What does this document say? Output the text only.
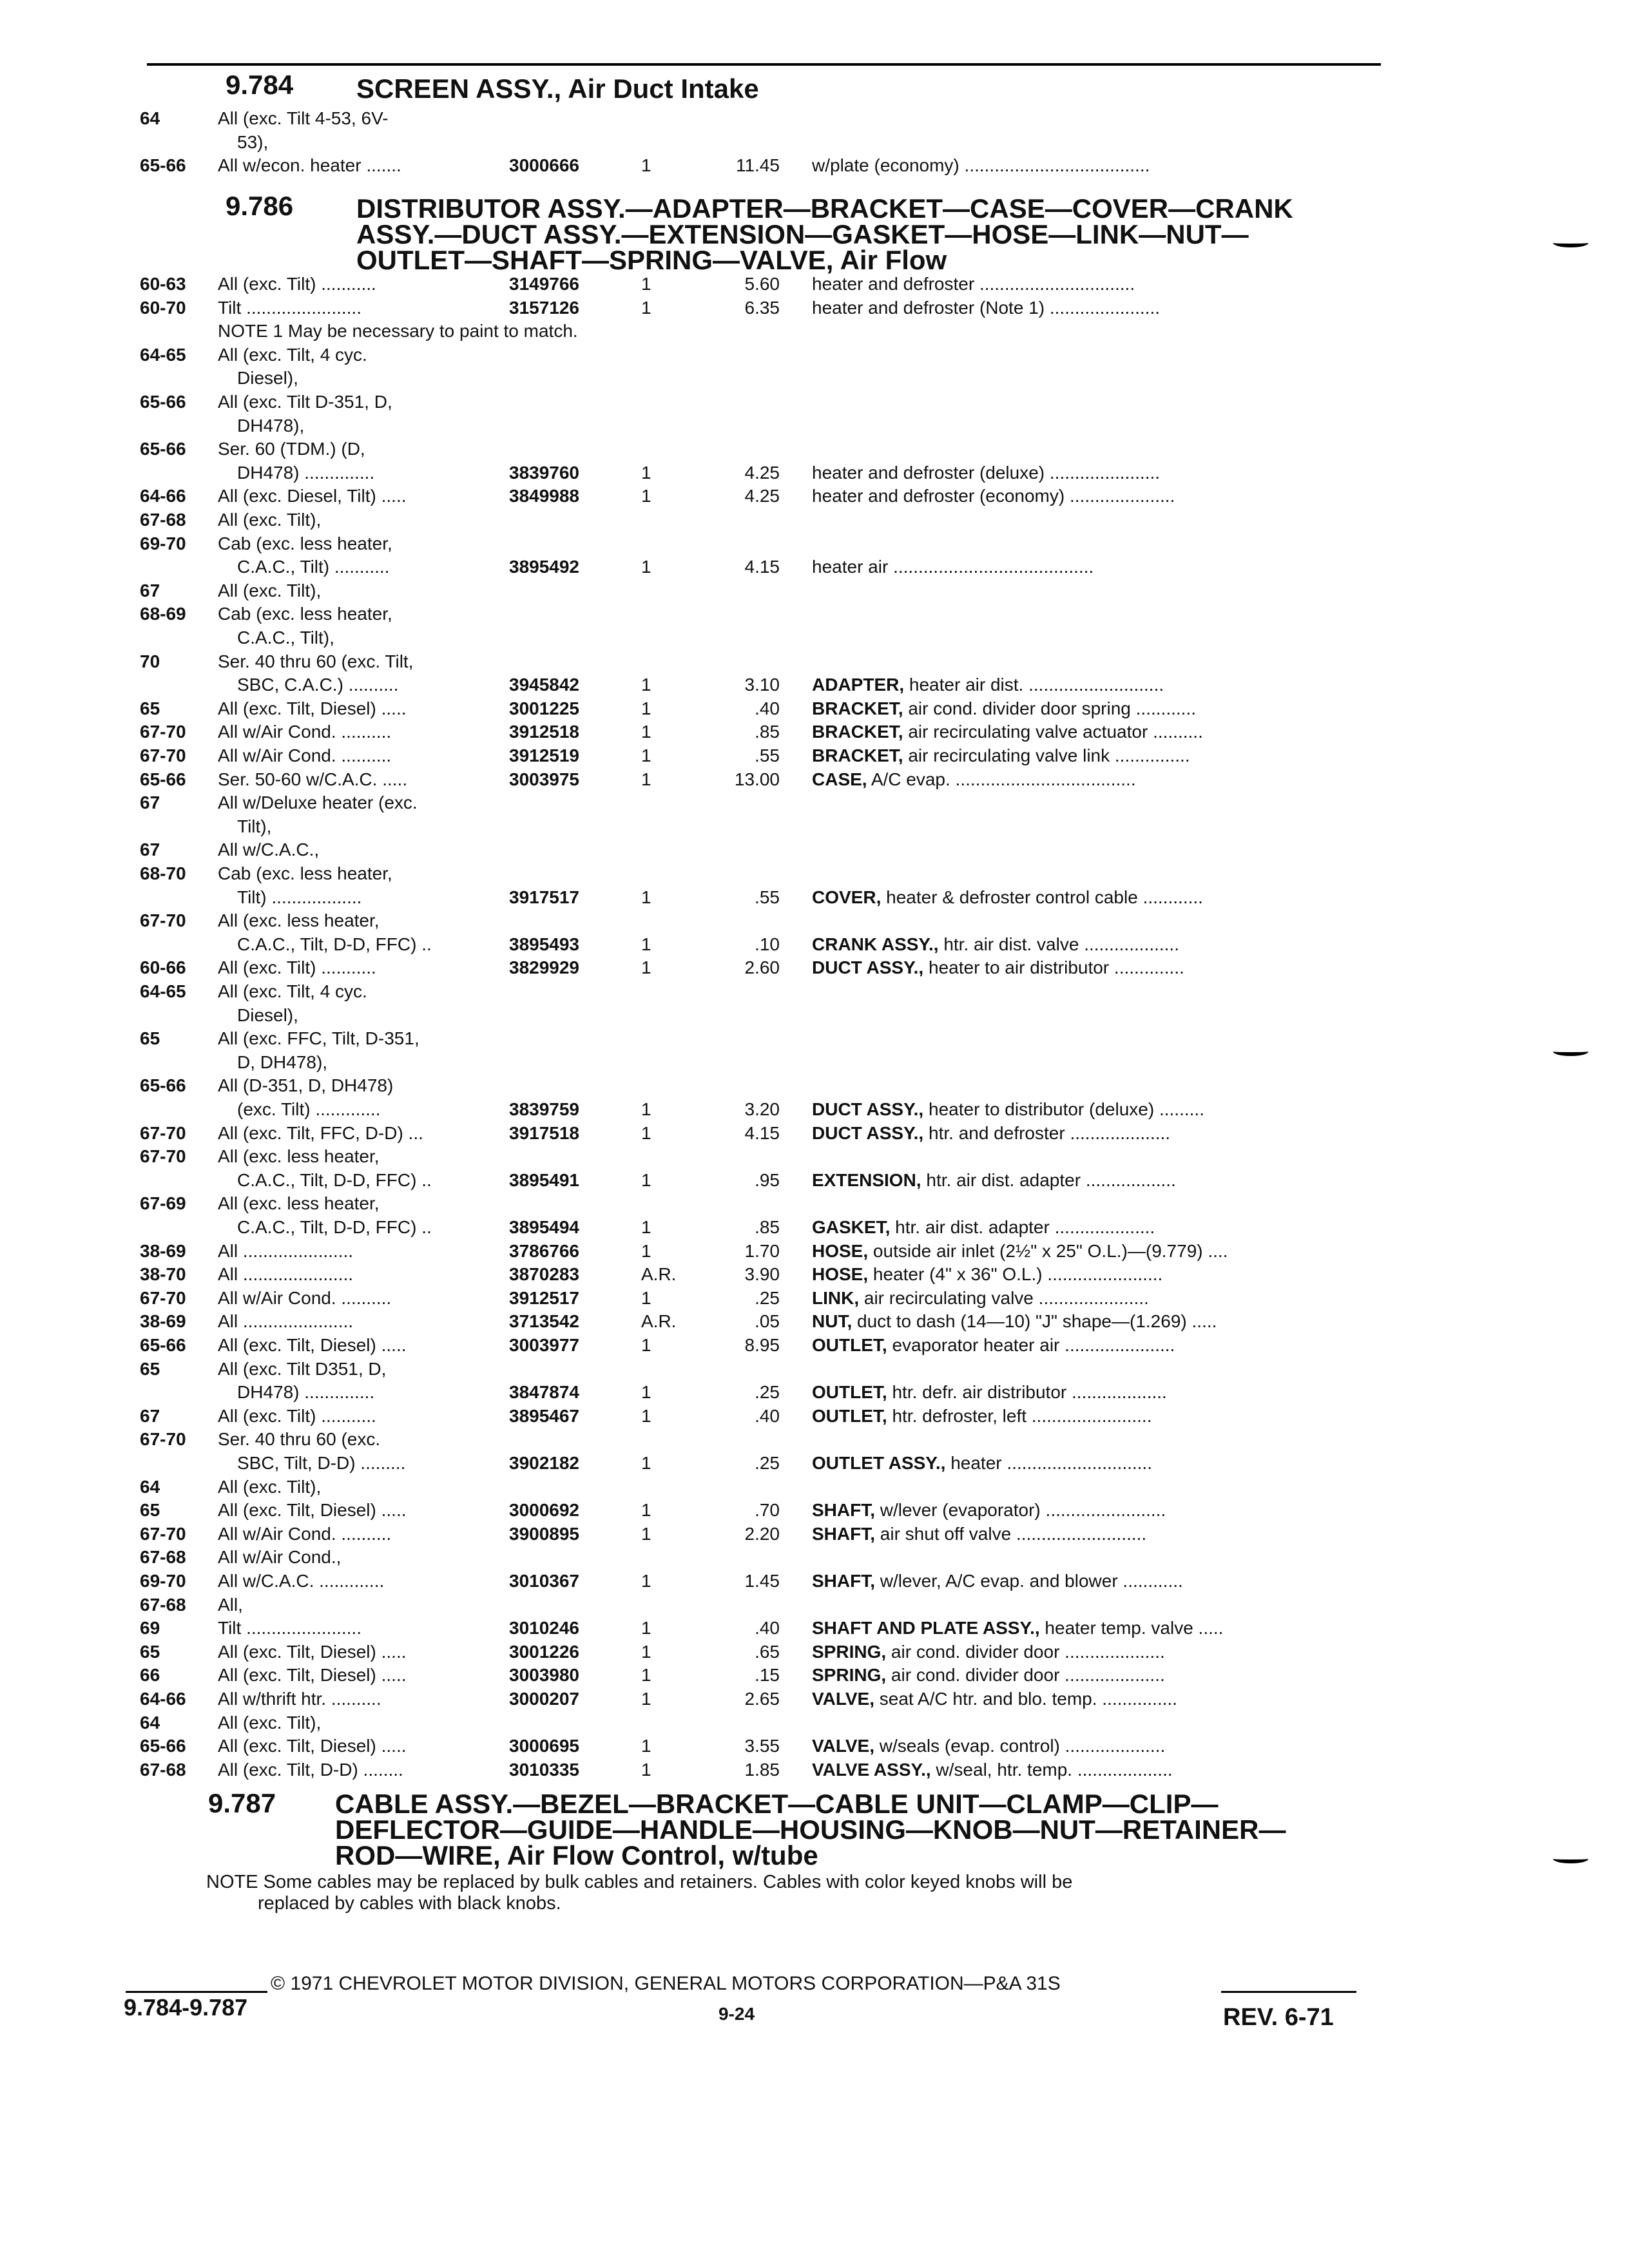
9.784 SCREEN ASSY., Air Duct Intake
9.786 DISTRIBUTOR ASSY.—ADAPTER—BRACKET—CASE—COVER—CRANK
ASSY.—DUCT ASSY.—EXTENSION—GASKET—HOSE—LINK—NUT—
OUTLET—SHAFT—SPRING—VALVE, Air Flow
64	All (exc. Tilt 4-53, 6V-
53),
65-66 All w/econ. heater .......	3000666	1	11.45 w/plate (economy) .....................................
60-63 All (exc. Tilt) ...........	3149766	1	5.60 heater and defroster ...............................
60-70 Tilt .......................	3157126	1	6.35 heater and defroster (Note 1) ......................
NOTE 1 May be necessary to paint to match.
64-65 All (exc. Tilt, 4 cyc.
Diesel),
65-66 All (exc. Tilt D-351, D,
DH478),
65-66 Ser. 60 (TDM.) (D,
DH478) ..............	3839760	1	4.25 heater and defroster (deluxe) ......................
64-66 All (exc. Diesel, Tilt) .....	3849988	1	4.25 heater and defroster (economy) .....................
67-68 All (exc. Tilt),
69-70 Cab (exc. less heater,
C.A.C., Tilt) ...........	3895492	1	4.15 heater air ........................................
67	All (exc. Tilt),
68-69 Cab (exc. less heater,
C.A.C., Tilt),
70	Ser. 40 thru 60 (exc. Tilt,
SBC, C.A.C.) ..........	3945842	1	3.10 ADAPTER, heater air dist. ...........................
65	All (exc. Tilt, Diesel) .....	3001225	1	.40 BRACKET, air cond. divider door spring ............
67-70 All w/Air Cond. ..........	3912518	1	.85 BRACKET, air recirculating valve actuator ..........
67-70 All w/Air Cond. ..........	3912519	1	.55 BRACKET, air recirculating valve link ...............
65-66 Ser. 50-60 w/C.A.C. .....	3003975	1	13.00 CASE, A/C evap. ....................................
67	All w/Deluxe heater (exc.
Tilt),
67	All w/C.A.C.,
68-70 Cab (exc. less heater,
Tilt) ..................	3917517	1	.55 COVER, heater & defroster control cable ............
67-70 All (exc. less heater,
C.A.C., Tilt, D-D, FFC) ..	3895493	1	.10 CRANK ASSY., htr. air dist. valve ...................
60-66 All (exc. Tilt) ...........	3829929	1	2.60 DUCT ASSY., heater to air distributor ..............
64-65 All (exc. Tilt, 4 cyc.
Diesel),
65	All (exc. FFC, Tilt, D-351,
D, DH478),
65-66 All (D-351, D, DH478)
(exc. Tilt) .............	3839759	1	3.20 DUCT ASSY., heater to distributor (deluxe) .........
67-70 All (exc. Tilt, FFC, D-D) ...	3917518	1	4.15 DUCT ASSY., htr. and defroster ....................
67-70 All (exc. less heater,
C.A.C., Tilt, D-D, FFC) ..	3895491	1	.95 EXTENSION, htr. air dist. adapter ..................
67-69 All (exc. less heater,
C.A.C., Tilt, D-D, FFC) ..	3895494	1	.85 GASKET, htr. air dist. adapter ....................
38-69 All ......................	3786766	1	1.70 HOSE, outside air inlet (2½" x 25" O.L.)—(9.779) ....
38-70 All ......................	3870283	A.R.	3.90 HOSE, heater (4" x 36" O.L.) .......................
67-70 All w/Air Cond. ..........	3912517	1	.25 LINK, air recirculating valve ......................
38-69 All ......................	3713542	A.R.	.05 NUT, duct to dash (14—10) "J" shape—(1.269) .....
65-66 All (exc. Tilt, Diesel) .....	3003977	1	8.95 OUTLET, evaporator heater air ......................
65	All (exc. Tilt D351, D,
DH478) ..............	3847874	1	.25 OUTLET, htr. defr. air distributor ...................
67	All (exc. Tilt) ...........	3895467	1	.40 OUTLET, htr. defroster, left ........................
67-70 Ser. 40 thru 60 (exc.
SBC, Tilt, D-D) .........	3902182	1	.25 OUTLET ASSY., heater .............................
64	All (exc. Tilt),
65	All (exc. Tilt, Diesel) .....	3000692	1	.70 SHAFT, w/lever (evaporator) ........................
67-70 All w/Air Cond. ..........	3900895	1	2.20 SHAFT, air shut off valve ..........................
67-68 All w/Air Cond.,
69-70 All w/C.A.C. .............	3010367	1	1.45 SHAFT, w/lever, A/C evap. and blower ............
67-68 All,
69	Tilt .......................	3010246	1	.40 SHAFT AND PLATE ASSY., heater temp. valve .....
65	All (exc. Tilt, Diesel) .....	3001226	1	.65 SPRING, air cond. divider door ....................
66	All (exc. Tilt, Diesel) .....	3003980	1	.15 SPRING, air cond. divider door ....................
64-66 All w/thrift htr. ..........	3000207	1	2.65 VALVE, seat A/C htr. and blo. temp. ...............
64	All (exc. Tilt),
65-66 All (exc. Tilt, Diesel) .....	3000695	1	3.55 VALVE, w/seals (evap. control) ....................
67-68 All (exc. Tilt, D-D) ........	3010335	1	1.85 VALVE ASSY., w/seal, htr. temp. ...................
9.787 CABLE ASSY.—BEZEL—BRACKET—CABLE UNIT—CLAMP—CLIP—
DEFLECTOR—GUIDE—HANDLE—HOUSING—KNOB—NUT—RETAINER—
ROD—WIRE, Air Flow Control, w/tube
NOTE Some cables may be replaced by bulk cables and retainers. Cables with color keyed knobs will be
replaced by cables with black knobs.
© 1971 CHEVROLET MOTOR DIVISION, GENERAL MOTORS CORPORATION—P&A 31S
9.784-9.787	9-24	REV. 6-71
